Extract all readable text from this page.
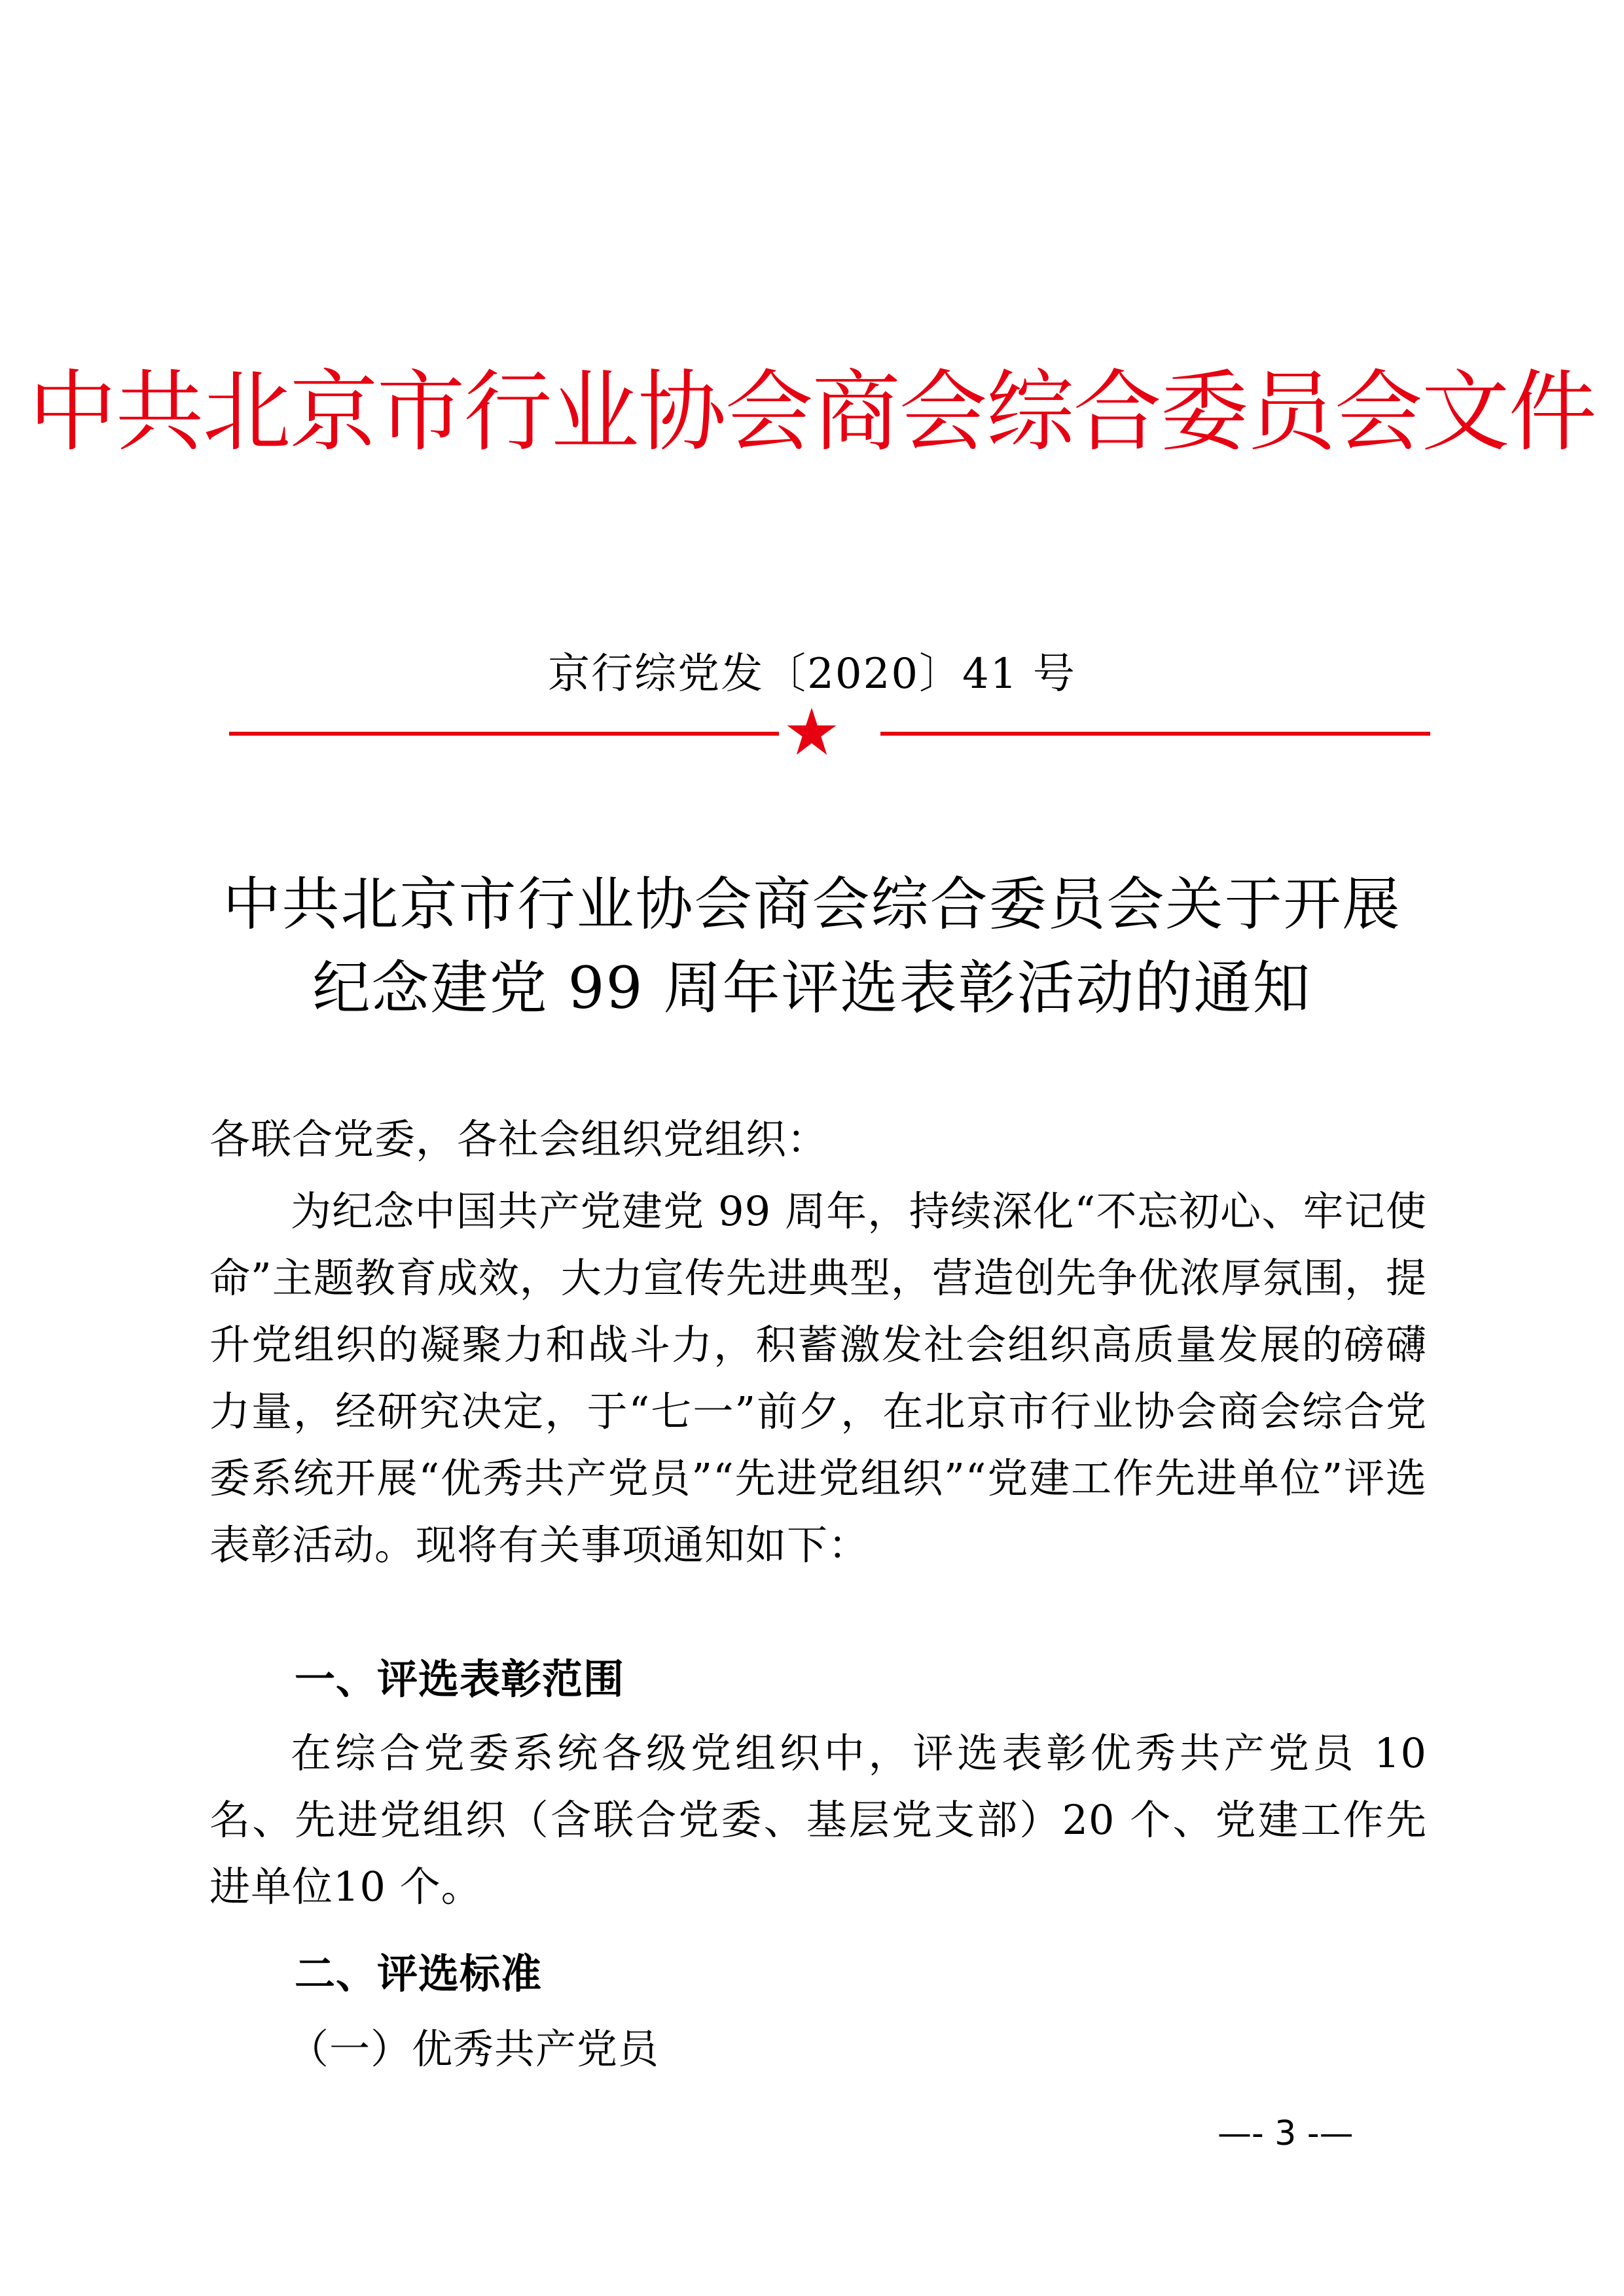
中共北京市行业协会商会综合委员会文件
京行综党发〔2020〕41 号
中共北京市行业协会商会综合委员会关于开展
纪念建党 99 周年评选表彰活动的通知
各联合党委，各社会组织党组织：
为纪念中国共产党建党 99 周年，持续深化“不忘初心、牢记使命”主题教育成效，大力宣传先进典型，营造创先争优浓厚氛围，提升党组织的凝聚力和战斗力，积蓄激发社会组织高质量发展的磅礴力量，经研究决定，于“七一”前夕，在北京市行业协会商会综合党委系统开展“优秀共产党员”“先进党组织”“党建工作先进单位”评选表彰活动。现将有关事项通知如下：
一、评选表彰范围
在综合党委系统各级党组织中，评选表彰优秀共产党员 10 名、先进党组织（含联合党委、基层党支部）20 个、党建工作先进单位10 个。
二、评选标准
（一）优秀共产党员
—- 3 -—
